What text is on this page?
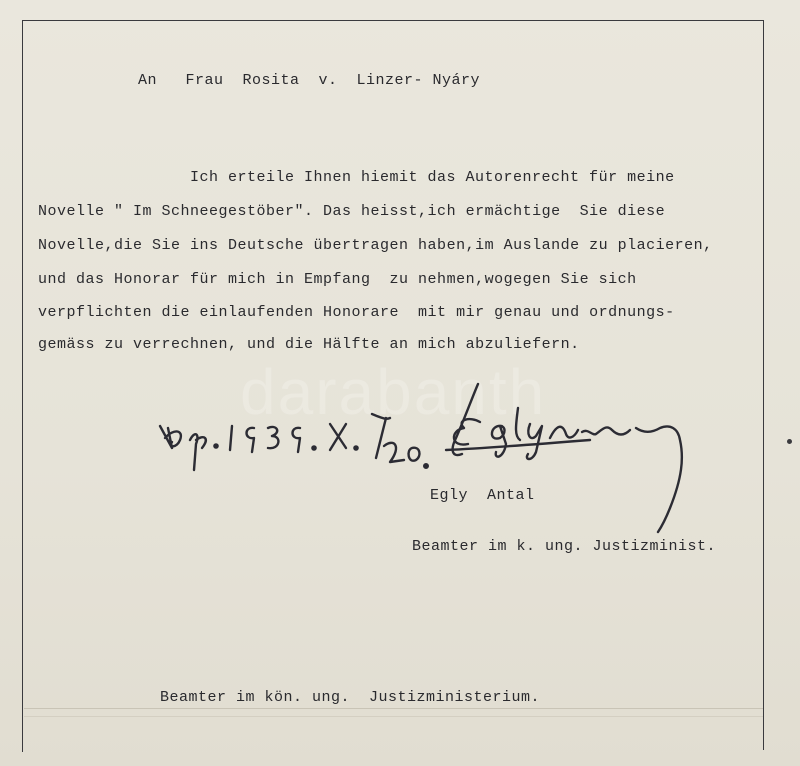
darabanth
An   Frau  Rosita  v.  Linzer- Nyáry
Ich erteile Ihnen hiemit das Autorenrecht für meine
Novelle " Im Schneegestöber". Das heisst,ich ermächtige  Sie diese
Novelle,die Sie ins Deutsche übertragen haben,im Auslande zu placieren,
und das Honorar für mich in Empfang  zu nehmen,wogegen Sie sich
verpflichten die einlaufenden Honorare  mit mir genau und ordnungs-
gemäss zu verrechnen, und die Hälfte an mich abzuliefern.
Egly  Antal
Beamter im k. ung. Justizminist.
Beamter im kön. ung.  Justizministerium.
